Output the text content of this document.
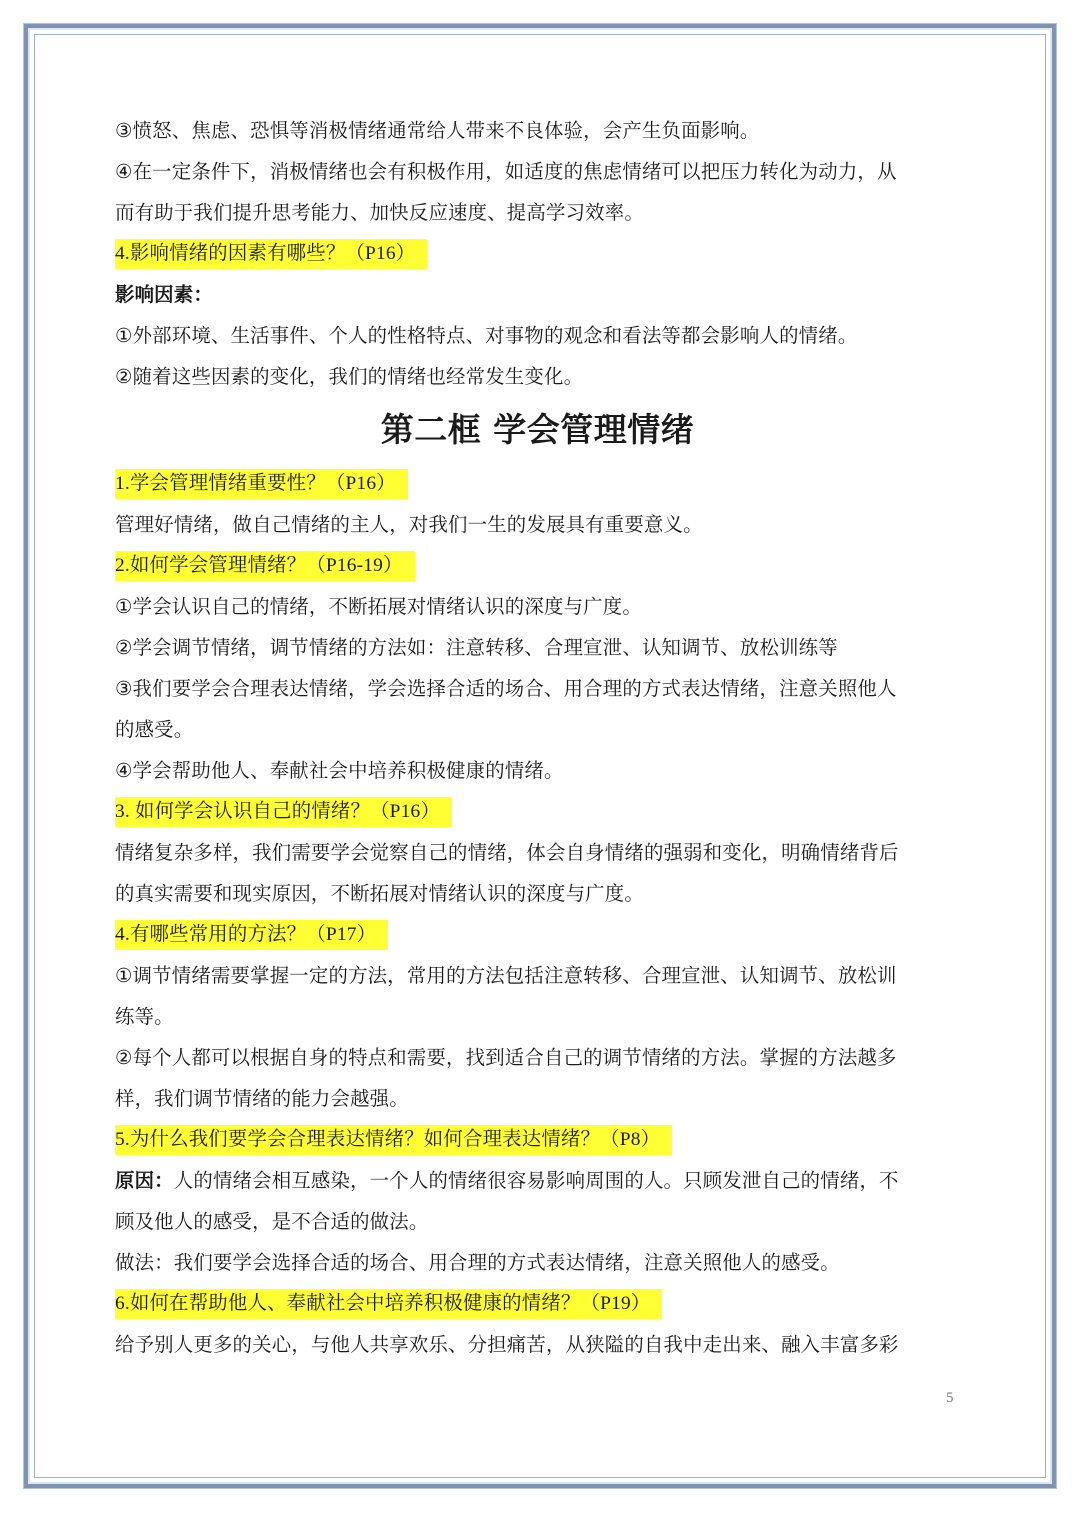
③愤怒、焦虑、恐惧等消极情绪通常给人带来不良体验，会产生负面影响。
④在一定条件下，消极情绪也会有积极作用，如适度的焦虑情绪可以把压力转化为动力，从
而有助于我们提升思考能力、加快反应速度、提高学习效率。
4.影响情绪的因素有哪些？（P16）
影响因素：
①外部环境、生活事件、个人的性格特点、对事物的观念和看法等都会影响人的情绪。
②随着这些因素的变化，我们的情绪也经常发生变化。
第二框 学会管理情绪
1.学会管理情绪重要性？（P16）
管理好情绪，做自己情绪的主人，对我们一生的发展具有重要意义。
2.如何学会管理情绪？（P16-19）
①学会认识自己的情绪，不断拓展对情绪认识的深度与广度。
②学会调节情绪，调节情绪的方法如：注意转移、合理宣泄、认知调节、放松训练等
③我们要学会合理表达情绪，学会选择合适的场合、用合理的方式表达情绪，注意关照他人
的感受。
④学会帮助他人、奉献社会中培养积极健康的情绪。
3. 如何学会认识自己的情绪？（P16）
情绪复杂多样，我们需要学会觉察自己的情绪，体会自身情绪的强弱和变化，明确情绪背后
的真实需要和现实原因，不断拓展对情绪认识的深度与广度。
4.有哪些常用的方法？（P17）
①调节情绪需要掌握一定的方法，常用的方法包括注意转移、合理宣泄、认知调节、放松训
练等。
②每个人都可以根据自身的特点和需要，找到适合自己的调节情绪的方法。掌握的方法越多
样，我们调节情绪的能力会越强。
5.为什么我们要学会合理表达情绪？如何合理表达情绪？（P8）
原因：人的情绪会相互感染，一个人的情绪很容易影响周围的人。只顾发泄自己的情绪，不
顾及他人的感受，是不合适的做法。
做法：我们要学会选择合适的场合、用合理的方式表达情绪，注意关照他人的感受。
6.如何在帮助他人、奉献社会中培养积极健康的情绪？（P19）
给予别人更多的关心，与他人共享欢乐、分担痛苦，从狭隘的自我中走出来、融入丰富多彩
5
